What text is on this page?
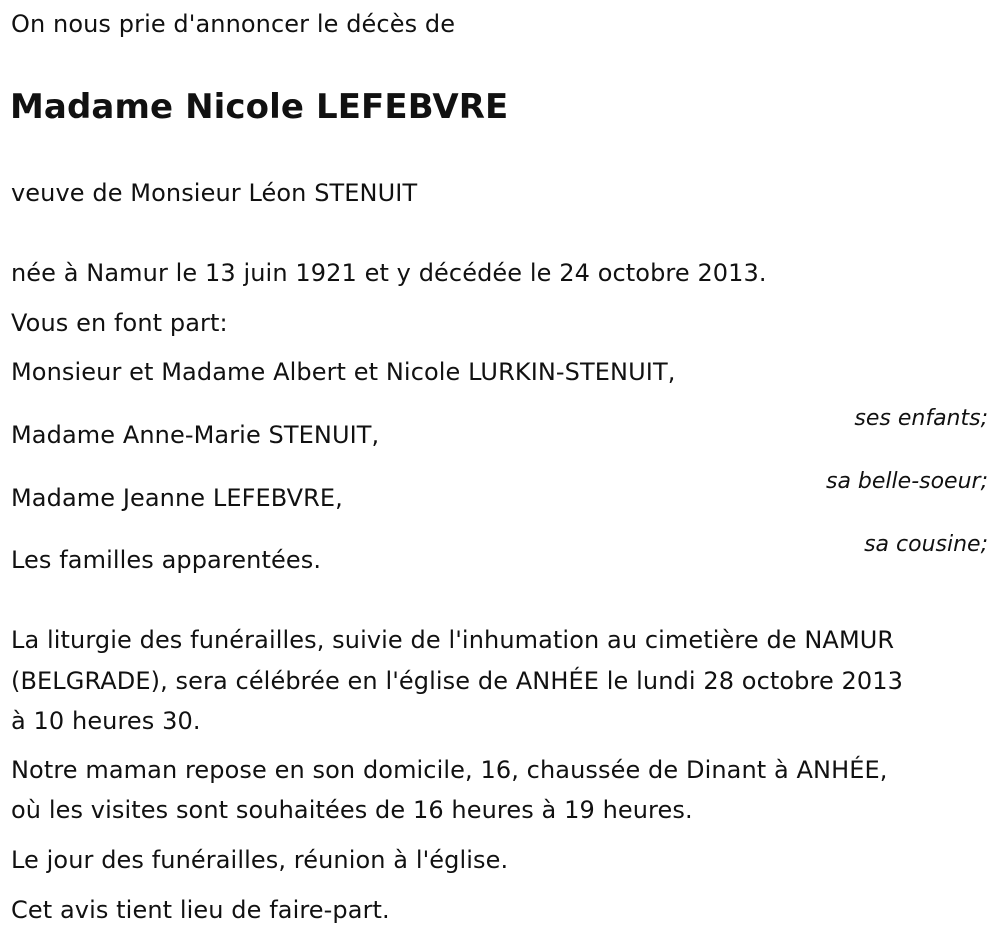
On nous prie d'annoncer le décès de

Madame Nicole LEFEBVRE

veuve de Monsieur Léon STENUIT

née à Namur le 13 juin 1921 et y décédée le 24 octobre 2013.

Vous en font part:

Monsieur et Madame Albert et Nicole LURKIN-STENUIT,

ses enfants;

Madame Anne-Marie STENUIT,

sa belle-soeur;

Madame Jeanne LEFEBVRE,

sa cousine;

Les familles apparentées.

La liturgie des funérailles, suivie de l'inhumation au cimetière de NAMUR

(BELGRADE), sera célébrée en l'église de ANHÉE le lundi 28 octobre 2013

à 10 heures 30.

Notre maman repose en son domicile, 16, chaussée de Dinant à ANHÉE,

où les visites sont souhaitées de 16 heures à 19 heures.

Le jour des funérailles, réunion à l'église.

Cet avis tient lieu de faire-part.
